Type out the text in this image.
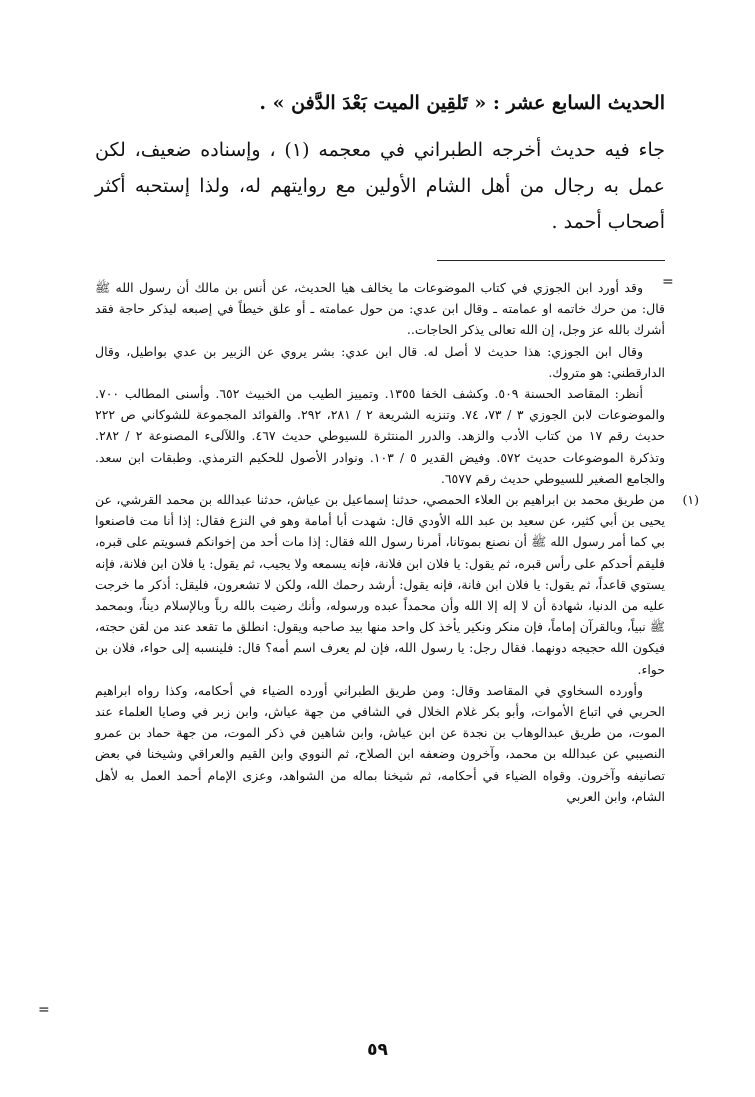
الحديث السابع عشر : « تَلقِين الميت بَعْدَ الدَّفن » .

جاء فيه حديث أخرجه الطبراني في معجمه (١) ، وإسناده ضعيف، لكن عمل به رجال من أهل الشام الأولين مع روايتهم له، ولذا إستحبه أكثر أصحاب أحمد .

وقد أورد ابن الجوزي في كتاب الموضوعات ما يخالف هيا الحديث، عن أنس بن مالك أن رسول الله ﷺ قال: من حرك خاتمه او عمامته ـ وقال ابن عدي: من حول عمامته ـ أو علق خيطاً في إصبعه ليذكر حاجة فقد أشرك بالله عز وجل، إن الله تعالى يذكر الحاجات..

وقال ابن الجوزي: هذا حديث لا أصل له. قال ابن عدي: بشر يروي عن الزبير بن عدي بواطيل، وقال الدارقطني: هو متروك.

أنظر: المقاصد الحسنة ٥٠٩. وكشف الخفا ١٣٥٥. وتمييز الطيب من الخبيث ٦٥٢. وأسنى المطالب ٧٠٠. والموضوعات لابن الجوزي ٣ / ٧٣، ٧٤. وتنزيه الشريعة ٢ / ٢٨١، ٢٩٢. والفوائد المجموعة للشوكاني ص ٢٢٢ حديث رقم ١٧ من كتاب الأدب والزهد. والدرر المنتثرة للسيوطي حديث ٤٦٧. واللآلىء المصنوعة ٢ / ٢٨٢. وتذكرة الموضوعات حديث ٥٧٢. وفيض القدير ٥ / ١٠٣. ونوادر الأصول للحكيم الترمذي. وطبقات ابن سعد. والجامع الصغير للسيوطي حديث رقم ٦٥٧٧.

(١)
من طريق محمد بن ابراهيم بن العلاء الحمصي، حدثنا إسماعيل بن عياش، حدثنا عبدالله بن محمد القرشي، عن يحيى بن أبي كثير، عن سعيد بن عبد الله الأودي قال: شهدت أبا أمامة وهو في النزع فقال: إذا أنا مت فاصنعوا بي كما أمر رسول الله ﷺ أن نصنع بموتانا، أمرنا رسول الله فقال: إذا مات أحد من إخوانكم فسويتم على قبره، فليقم أحدكم على رأس قبره، ثم يقول: يا فلان ابن فلانة، فإنه يسمعه ولا يجيب، ثم يقول: يا فلان ابن فلانة، فإنه يستوي قاعداً، ثم يقول: يا فلان ابن فانة، فإنه يقول: أرشد رحمك الله، ولكن لا تشعرون، فليقل: أذكر ما خرجت عليه من الدنيا، شهادة أن لا إله إلا الله وأن محمداً عبده ورسوله، وأنك رضيت بالله رباً وبالإسلام ديناً، وبمحمد ﷺ نبياً، وبالقرآن إماماً، فإن منكر ونكير يأخذ كل واحد منها بيد صاحبه ويقول: انطلق ما تقعد عند من لقن حجته، فيكون الله حجيجه دونهما. فقال رجل: يا رسول الله، فإن لم يعرف اسم أمه؟ قال: فلينسبه إلى حواء، فلان بن حواء.

وأورده السخاوي في المقاصد وقال: ومن طريق الطبراني أورده الضياء في أحكامه، وكذا رواه ابراهيم الحربي في اتباع الأموات، وأبو بكر غلام الخلال في الشافي من جهة عياش، وابن زبر في وصايا العلماء عند الموت، من طريق عبدالوهاب بن نجدة عن ابن عياش، وابن شاهين في ذكر الموت، من جهة حماد بن عمرو النصيبي عن عبدالله بن محمد، وآخرون وضعفه ابن الصلاح، ثم النووي وابن القيم والعراقي وشيخنا في بعض تصانيفه وآخرون. وقواه الضياء في أحكامه، ثم شيخنا بماله من الشواهد، وعزى الإمام أحمد العمل به لأهل الشام، وابن العربي

=
=
٥٩
